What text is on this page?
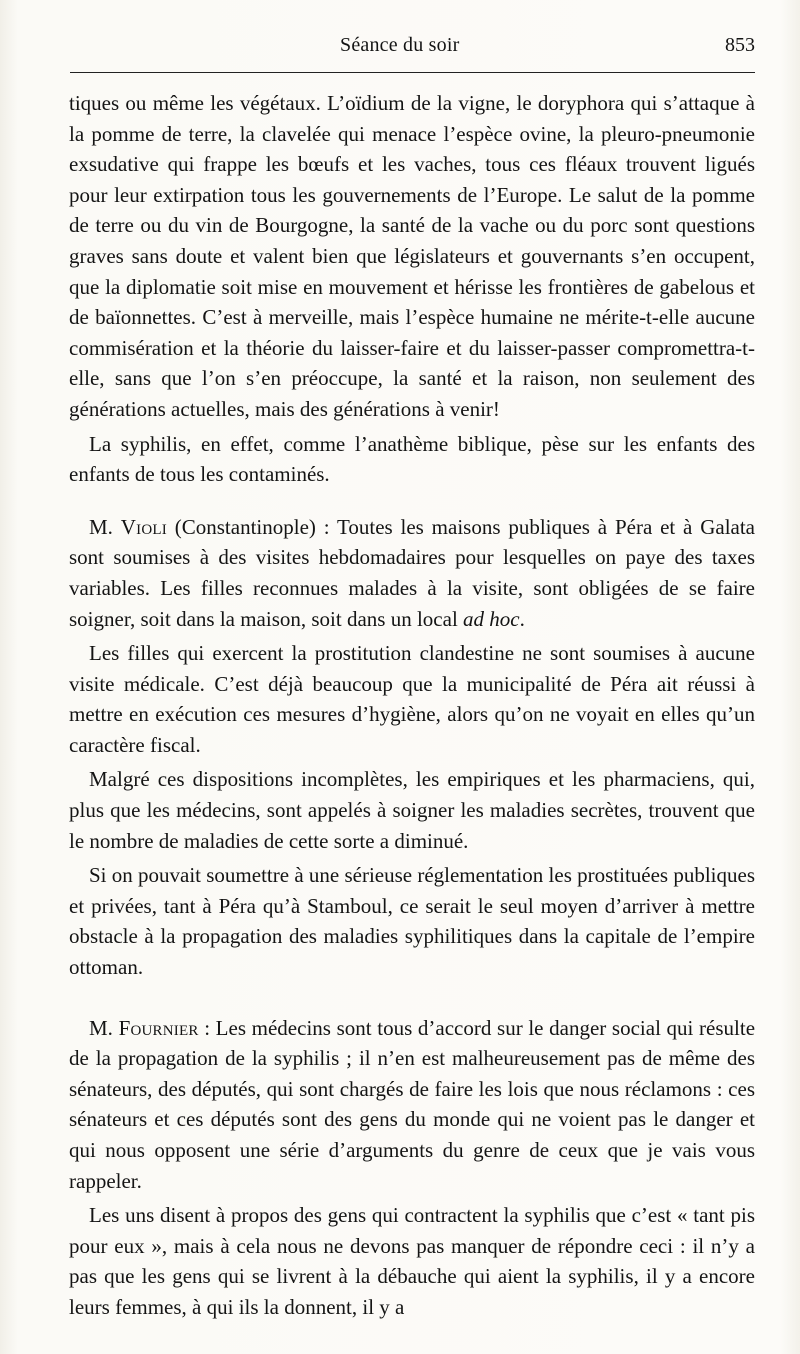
Séance du soir	853

tiques ou même les végétaux. L’oïdium de la vigne, le doryphora qui s’attaque à la pomme de terre, la clavelée qui menace l’espèce ovine, la pleuro-pneumonie exsudative qui frappe les bœufs et les vaches, tous ces fléaux trouvent ligués pour leur extirpation tous les gouvernements de l’Europe. Le salut de la pomme de terre ou du vin de Bourgogne, la santé de la vache ou du porc sont questions graves sans doute et valent bien que législateurs et gouvernants s’en occupent, que la diplomatie soit mise en mouvement et hérisse les frontières de gabelous et de baïonnettes. C’est à merveille, mais l’espèce humaine ne mérite-t-elle aucune commisération et la théorie du laisser-faire et du laisser-passer compromettra-t-elle, sans que l’on s’en préoccupe, la santé et la raison, non seulement des générations actuelles, mais des générations à venir!

La syphilis, en effet, comme l’anathème biblique, pèse sur les enfants des enfants de tous les contaminés.

M. Violi (Constantinople) : Toutes les maisons publiques à Péra et à Galata sont soumises à des visites hebdomadaires pour lesquelles on paye des taxes variables. Les filles reconnues malades à la visite, sont obligées de se faire soigner, soit dans la maison, soit dans un local ad hoc.

Les filles qui exercent la prostitution clandestine ne sont soumises à aucune visite médicale. C’est déjà beaucoup que la municipalité de Péra ait réussi à mettre en exécution ces mesures d’hygiène, alors qu’on ne voyait en elles qu’un caractère fiscal.

Malgré ces dispositions incomplètes, les empiriques et les pharmaciens, qui, plus que les médecins, sont appelés à soigner les maladies secrètes, trouvent que le nombre de maladies de cette sorte a diminué.

Si on pouvait soumettre à une sérieuse réglementation les prostituées publiques et privées, tant à Péra qu’à Stamboul, ce serait le seul moyen d’arriver à mettre obstacle à la propagation des maladies syphilitiques dans la capitale de l’empire ottoman.

M. Fournier : Les médecins sont tous d’accord sur le danger social qui résulte de la propagation de la syphilis ; il n’en est malheureusement pas de même des sénateurs, des députés, qui sont chargés de faire les lois que nous réclamons : ces sénateurs et ces députés sont des gens du monde qui ne voient pas le danger et qui nous opposent une série d’arguments du genre de ceux que je vais vous rappeler.

Les uns disent à propos des gens qui contractent la syphilis que c’est « tant pis pour eux », mais à cela nous ne devons pas manquer de répondre ceci : il n’y a pas que les gens qui se livrent à la débauche qui aient la syphilis, il y a encore leurs femmes, à qui ils la donnent, il y a
